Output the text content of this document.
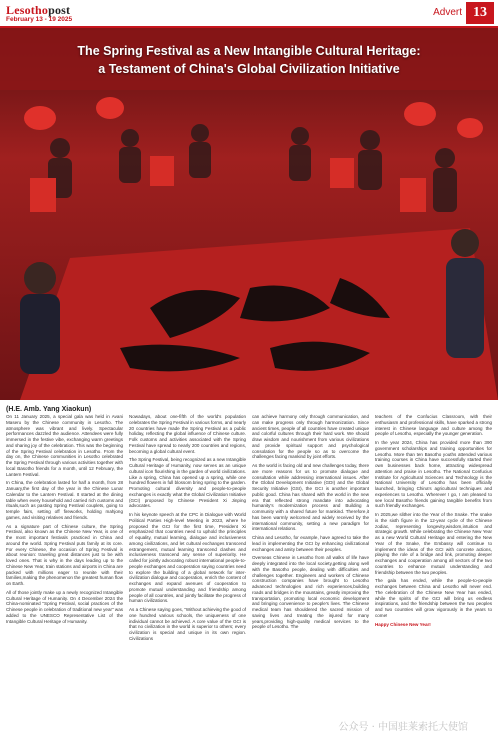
Lesothopost
February 13 - 19 2025
Advert 13
The Spring Festival as a New Intangible Cultural Heritage:
a Testament of China's Global Civilization Initiative
(H.E. Amb. Yang Xiaokun)

On 11 January 2025, a special gala was held in Avani Maseru by the Chinese community in Lesotho. The atmosphere was vibrant and lively. Spectacular performances dazzled the audience. Attendees were fully immersed in the festive vibe, exchanging warm greetings and sharing joy of the celebration. This was the beginning of the Spring Festival celebration in Lesotho. From the day on, the Chinese communities in Lesotho celebrated the Spring Festival through various activities together with local Basotho friends for a month, until 12 February, the Lantern Festival.

In China, the celebration lasted for half a month, from 28 January,the first day of the year in the Chinese Lunar Calendar to the Lantern Festival. It started at the dining table when every household and carried rich customs and rituals,such as pasting Spring Festival couplets, going to temple fairs, setting off fireworks, holding mahjong games, and visiting relatives and friends.

As a signature part of Chinese culture, the Spring Festival, also known as the Chinese New Year, is one of the most important festivals practiced in China and around the world. Spring Festival puts family at its core. For every Chinese, the occasion of Spring Festival is about reunion: traveling great distances just to be with loved ones. That is why in the days leading up to the Chinese New Year, train stations and airports in China are packed with millions eager to reunite with their families,making the phenomenon the greatest human flow on Earth.

All of those jointly make up a newly recognized Intangible Cultural Heritage of Humanity. On 4 December 2024 the China-nominated "Spring Festival, social practices of the Chinese people in celebration of traditional new year" was added to the UNESCO Representative List of the Intangible Cultural Heritage of Humanity.

Nowadays, about one-fifth of the world's population celebrates the Spring Festival in various forms, and nearly 20 countries have made the Spring Festival as a public holiday, reflecting the global influence of Chinese culture. Folk customs and activities associated with the Spring Festival have spread to nearly 200 countries and regions, becoming a global cultural event.

The Spring Festival, being recognized as a new Intangible Cultural Heritage of Humanity, now serves as an unique cultural icon flourishing in the garden of world civilizations. Like a spring, China has opened up a spring, while one hundred flowers in full blossom bring spring to the garden. Promoting cultural diversity and people-to-people exchanges is exactly what the Global Civilization Initiative (GCI) proposed by Chinese President Xi Jinping advocates.

In his keynote speech at the CPC in Dialogue with World Political Parties High-level Meeting in 2023, where he proposed the GCI for the first time, President Xi emphasized that countries need to uphold the principles of equality, mutual learning, dialogue and inclusiveness among civilizations, and let cultural exchanges transcend estrangement, mutual learning transcend clashes and inclusiveness transcend any sense of superiority. He called for jointly advocating robust international people-to-people exchanges and cooperation saying countries need to explore the building of a global network for inter-civilization dialogue and cooperation, enrich the content of exchanges and expand avenues of cooperation to promote mutual understanding and friendship among people of all countries, and jointly facilitate the progress of human civilizations.

As a Chinese saying goes, "Without achieving the good of one hundred various schools, the uniqueness of one individual cannot be achieved. A core value of the GCI is that no civilization in the world is superior to others; every civilization is special and unique in its own region. Civilizations

can achieve harmony only through communication, and can make progress only through harmonization. Since ancient times, people of all countries have created unique and colorful cultures through their hard work. We should draw wisdom and nourishment from various civilizations and provide spiritual support and psychological consolation for the people so as to overcome the challenges facing mankind by joint efforts.

As the world is facing old and new challenges today, there are more reasons for us to promote dialogue and consultation while addressing international issues. After the Global Development Initiative (GDI) and the Global Security Initiative (GSI), the GCI is another important public good. China has shared with the world in the new era that reflected strong mandate into advocating humanity's modernization process and Building a community with a shared future for mankind. Therefore,it has been warmly welcomed and widely received by the international community, setting a new paradigm for international relations.

China and Lesotho, for example, have agreed to take the lead in implementing the GCI by enhancing civilizational exchanges and amity between their peoples.

Overseas Chinese in Lesotho from all walks of life have deeply integrated into the local society,getting along well with the Basotho people, dealing with difficulties and challenges together. Engineers and workers of Chinese construction companies have brought to Lesotho advanced technologies and rich experiences,building roads and bridges in the mountains, greatly improving the transportation, promoting local economic development and bringing convenience to people's lives. The Chinese medical team has shouldered the sacred mission of saving lives and treating the injured for many years,providing high-quality medical services to the people of Lesotho. The

teachers of the Confucius Classroom, with their enthusiasm and professional skills, have sparked a strong interest in Chinese language and culture among the people of Lesotho, especially the younger generation.

In the year 2024, China has provided more than 390 government scholarships and training opportunities for Lesotho. More than ten Basotho youths attended various training courses in China have successfully started their own businesses back home, attracting widespread attention and praise in Lesotho. The National Confucius Institute for Agricultural Sciences and Technology is the National University of Lesotho has been officially launched, bringing China's agricultural techniques and experiences to Lesotho. Wherever I go, I am pleased to see local Basotho friends gaining tangible benefits from such friendly exchanges.

In 2025,we slither into the Year of the Snake. The snake is the sixth figure in the 12-year cycle of the Chinese zodiac, representing longevity,wisdom,intuition and strategic growth. While celebrating the Chinese New Year as a new World Cultural Heritage and entering the New Year of the Snake, the Embassy will continue to implement the ideas of the GCI with concrete actions, playing the role of a bridge and link, promoting deeper exchanges and cooperation among all sectors of the two countries to enhance mutual understanding and friendship between the two peoples.

The gala has ended, while the people-to-people exchanges between China and Lesotho will never end. The celebration of the Chinese New Year has ended, while the spirits of the GCI will bring us endless inspirations, and the friendship between the two peoples and two countries will grow vigorously in the years to come!

Happy Chinese New Year!

公众号 · 中国驻莱索托大使馆
